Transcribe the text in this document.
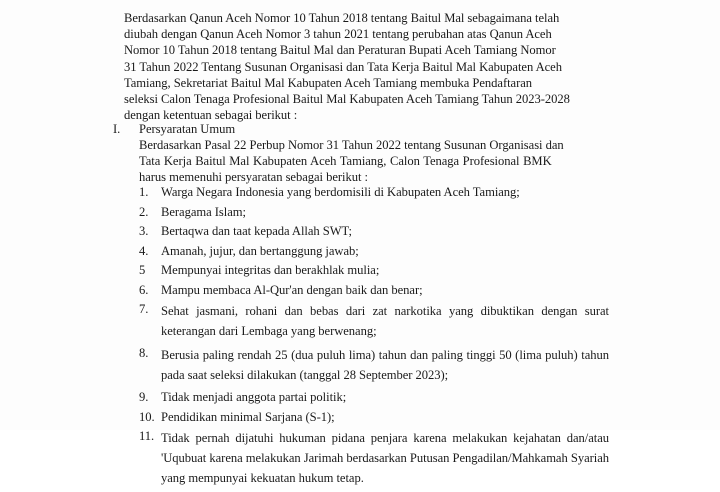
Berdasarkan Qanun Aceh Nomor 10 Tahun 2018 tentang Baitul Mal sebagaimana telah
diubah dengan Qanun Aceh Nomor 3 tahun 2021 tentang perubahan atas Qanun Aceh
Nomor 10 Tahun 2018 tentang Baitul Mal dan Peraturan Bupati Aceh Tamiang Nomor
31 Tahun 2022 Tentang Susunan Organisasi dan Tata Kerja Baitul Mal Kabupaten Aceh
Tamiang, Sekretariat Baitul Mal Kabupaten Aceh Tamiang membuka Pendaftaran
seleksi Calon Tenaga Profesional Baitul Mal Kabupaten Aceh Tamiang Tahun 2023-2028
dengan ketentuan sebagai berikut :
I. Persyaratan Umum
Berdasarkan Pasal 22 Perbup Nomor 31 Tahun 2022 tentang Susunan Organisasi dan
Tata Kerja Baitul Mal Kabupaten Aceh Tamiang, Calon Tenaga Profesional BMK
harus memenuhi persyaratan sebagai berikut :
1.	Warga Negara Indonesia yang berdomisili di Kabupaten Aceh Tamiang;
2.	Beragama Islam;
3.	Bertaqwa dan taat kepada Allah SWT;
4.	Amanah, jujur, dan bertanggung jawab;
5	Mempunyai integritas dan berakhlak mulia;
6.	Mampu membaca Al-Qur'an dengan baik dan benar;
7.	Sehat jasmani, rohani dan bebas dari zat narkotika yang dibuktikan dengan surat keterangan dari Lembaga yang berwenang;
8.	Berusia paling rendah 25 (dua puluh lima) tahun dan paling tinggi 50 (lima puluh) tahun pada saat seleksi dilakukan (tanggal 28 September 2023);
9.	Tidak menjadi anggota partai politik;
10. Pendidikan minimal Sarjana (S-1);
11. Tidak pernah dijatuhi hukuman pidana penjara karena melakukan kejahatan dan/atau 'Uqubuat karena melakukan Jarimah berdasarkan Putusan Pengadilan/Mahkamah Syariah yang mempunyai kekuatan hukum tetap.
